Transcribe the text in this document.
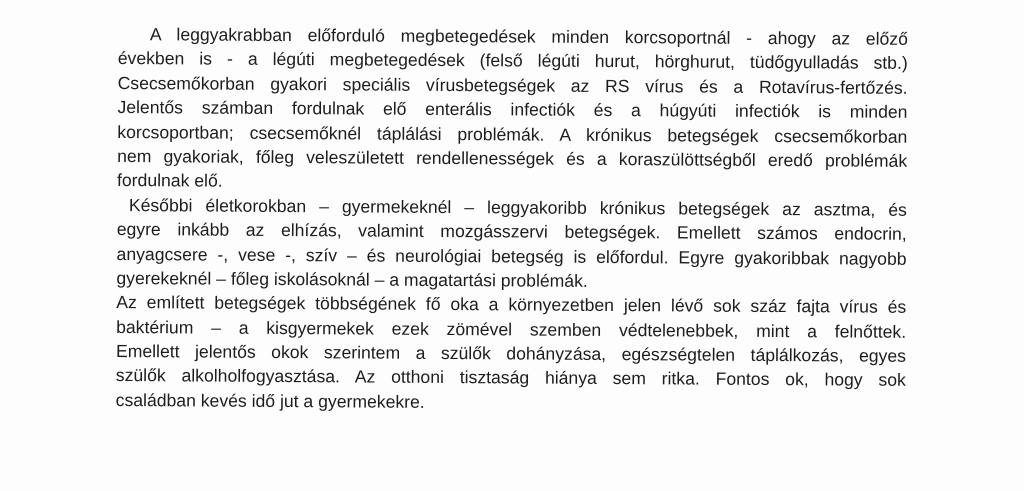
A leggyakrabban előforduló megbetegedések minden korcsoportnál - ahogy az előző
években is - a légúti megbetegedések (felső légúti hurut, hörghurut, tüdőgyulladás stb.)
Csecsemőkorban gyakori speciális vírusbetegségek az RS vírus és a Rotavírus-fertőzés.
Jelentős számban fordulnak elő enterális infectiók és a húgyúti infectiók is minden
korcsoportban; csecsemőknél táplálási problémák. A krónikus betegségek csecsemőkorban
nem gyakoriak, főleg veleszületett rendellenességek és a koraszülöttségből eredő problémák
fordulnak elő.
Későbbi életkorokban – gyermekeknél – leggyakoribb krónikus betegségek az asztma, és
egyre inkább az elhízás, valamint mozgásszervi betegségek. Emellett számos endocrin,
anyagcsere -, vese -, szív – és neurológiai betegség is előfordul. Egyre gyakoribbak nagyobb
gyerekeknél – főleg iskolásoknál – a magatartási problémák.
Az említett betegségek többségének fő oka a környezetben jelen lévő sok száz fajta vírus és
baktérium – a kisgyermekek ezek zömével szemben védtelenebbek, mint a felnőttek.
Emellett jelentős okok szerintem a szülők dohányzása, egészségtelen táplálkozás, egyes
szülők alkolholfogyasztása. Az otthoni tisztaság hiánya sem ritka. Fontos ok, hogy sok
családban kevés idő jut a gyermekekre.
